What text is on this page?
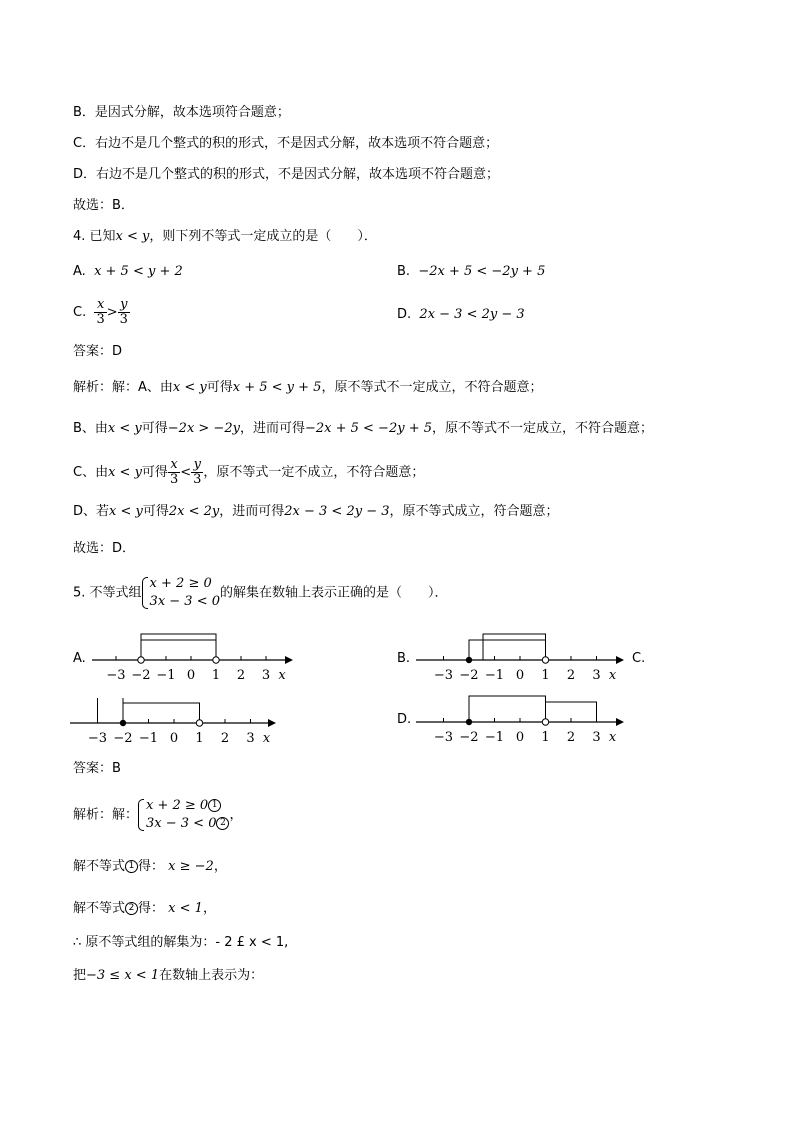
B．是因式分解，故本选项符合题意；
C．右边不是几个整式的积的形式，不是因式分解，故本选项不符合题意；
D．右边不是几个整式的积的形式，不是因式分解，故本选项不符合题意；
故选：B．
4. 已知x < y，则下列不等式一定成立的是（　　）．
A. x + 5 < y + 2	B. −2x + 5 < −2y + 5
C. $\frac{x}{3} > \frac{y}{3}$	D. 2x − 3 < 2y − 3
答案：D
解析：解：A、由x < y可得x + 5 < y + 5，原不等式不一定成立，不符合题意；
B、由x < y可得−2x > −2y，进而可得−2x + 5 < −2y + 5，原不等式不一定成立，不符合题意；
C、由x < y可得 $\frac{x}{3} < \frac{y}{3}$ ，原不等式一定不成立，不符合题意；
D、若x < y可得2x < 2y，进而可得2x − 3 < 2y − 3，原不等式成立，符合题意；
故选：D．
5. 不等式组
x + 2 ≥ 0
3x − 3 < 0
的解集在数轴上表示正确的是（　　）．
A.
−3 −2 −1 0 1 2 3 x
B.
−3 −2 −1 0 1 2 3 x
C.
−3 −2 −1 0 1 2 3 x
D.
−3 −2 −1 0 1 2 3 x
答案：B
解析：解：
x + 2 ≥ 0 1
3x − 3 < 0 2
，
解不等式 1 得： x ≥ −2，
解不等式 2 得： x < 1，
∴ 原不等式组的解集为：- 2 £ x < 1,
把−3 ≤ x < 1在数轴上表示为：
